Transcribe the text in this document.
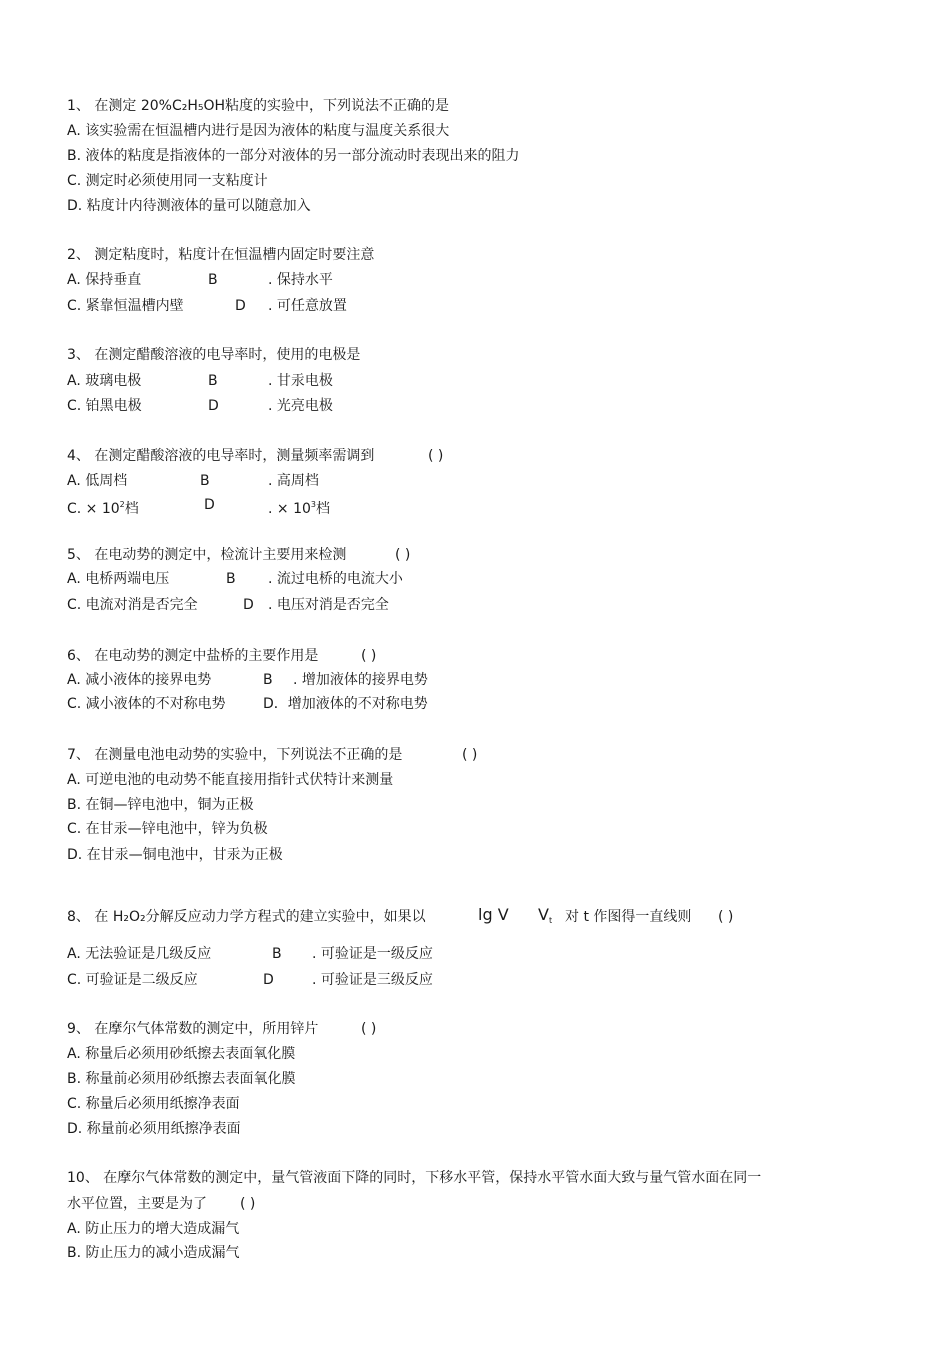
1、 在测定 20%C₂H₅OH粘度的实验中，下列说法不正确的是
A. 该实验需在恒温槽内进行是因为液体的粘度与温度关系很大
B. 液体的粘度是指液体的一部分对液体的另一部分流动时表现出来的阻力
C. 测定时必须使用同一支粘度计
D. 粘度计内待测液体的量可以随意加入
2、 测定粘度时，粘度计在恒温槽内固定时要注意
A. 保持垂直	B	. 保持水平
C. 紧靠恒温槽内壁	D . 可任意放置
3、 在测定醋酸溶液的电导率时，使用的电极是
A. 玻璃电极	B	. 甘汞电极
C. 铂黑电极	D	. 光亮电极
4、 在测定醋酸溶液的电导率时，测量频率需调到	( )
A. 低周档	B	. 高周档
C. × $10^2$档	D	. × $10^3$档
5、 在电动势的测定中，检流计主要用来检测	( )
A. 电桥两端电压	B . 流过电桥的电流大小
C. 电流对消是否完全	D . 电压对消是否完全
6、 在电动势的测定中盐桥的主要作用是	( )
A. 减小液体的接界电势	B . 增加液体的接界电势
C. 减小液体的不对称电势	D．增加液体的不对称电势
7、 在测量电池电动势的实验中，下列说法不正确的是	( )
A. 可逆电池的电动势不能直接用指针式伏特计来测量
B. 在铜—锌电池中，铜为正极
C. 在甘汞—锌电池中，锌为负极
D. 在甘汞—铜电池中，甘汞为正极
8、 在 H₂O₂分解反应动力学方程式的建立实验中，如果以	lg V $V_t$ 对 t 作图得一直线则 ( )
A. 无法验证是几级反应	B . 可验证是一级反应
C. 可验证是二级反应	D	. 可验证是三级反应
9、 在摩尔气体常数的测定中，所用锌片	( )
A. 称量后必须用砂纸擦去表面氧化膜
B. 称量前必须用砂纸擦去表面氧化膜
C. 称量后必须用纸擦净表面
D. 称量前必须用纸擦净表面
10、 在摩尔气体常数的测定中，量气管液面下降的同时，下移水平管，保持水平管水面大致与量气管水面在同一
水平位置，主要是为了 ( )
A. 防止压力的增大造成漏气
B. 防止压力的减小造成漏气
